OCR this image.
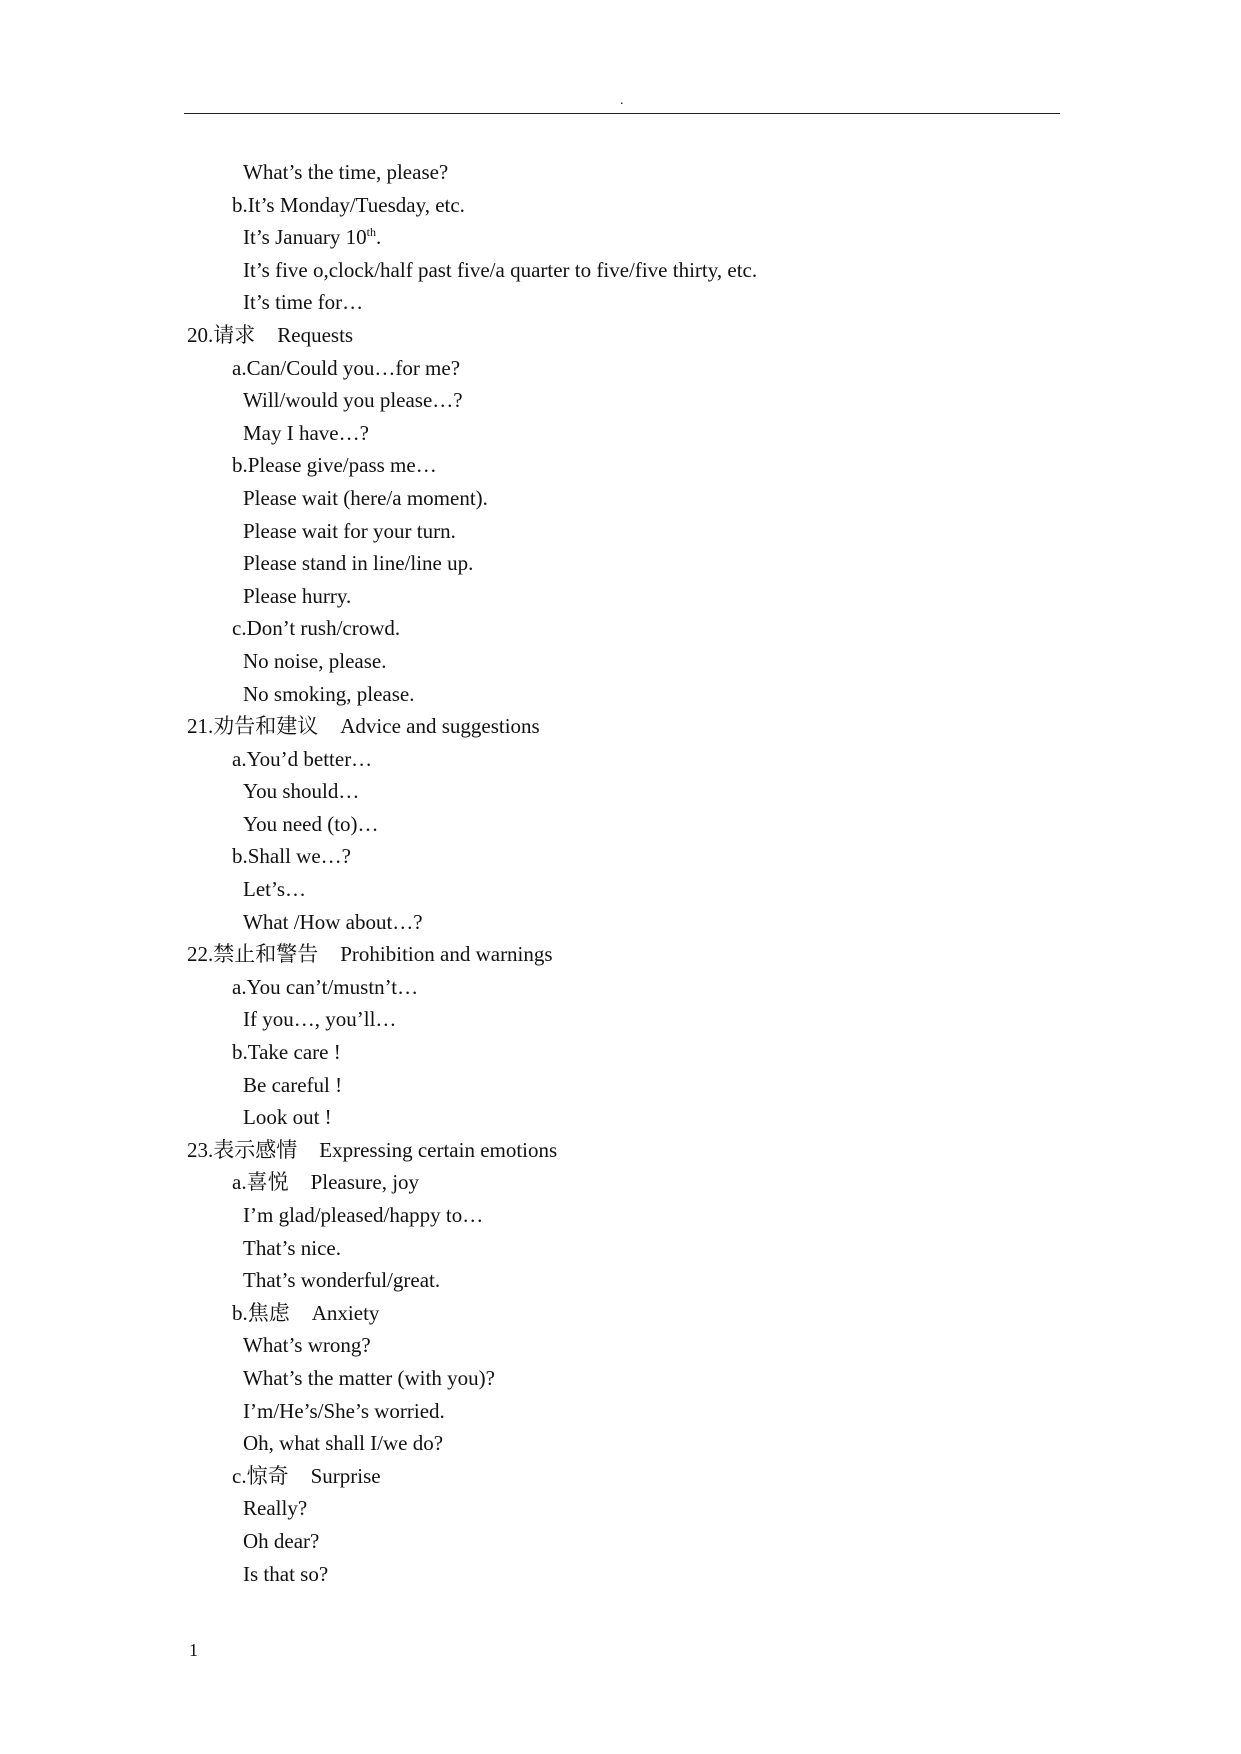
.
What’s the time, please?
b.It’s Monday/Tuesday, etc.
It’s January 10th.
It’s five o,clock/half past five/a quarter to five/five thirty, etc.
It’s time for…
20.请求 Requests
a.Can/Could you…for me?
Will/would you please…?
May I have…?
b.Please give/pass me…
Please wait (here/a moment).
Please wait for your turn.
Please stand in line/line up.
Please hurry.
c.Don’t rush/crowd.
No noise, please.
No smoking, please.
21.劝告和建议 Advice and suggestions
a.You’d better…
You should…
You need (to)…
b.Shall we…?
Let’s…
What /How about…?
22.禁止和警告 Prohibition and warnings
a.You can’t/mustn’t…
If you…, you’ll…
b.Take care !
Be careful !
Look out !
23.表示感情 Expressing certain emotions
a.喜悦 Pleasure, joy
I’m glad/pleased/happy to…
That’s nice.
That’s wonderful/great.
b.焦虑 Anxiety
What’s wrong?
What’s the matter (with you)?
I’m/He’s/She’s worried.
Oh, what shall I/we do?
c.惊奇 Surprise
Really?
Oh dear?
Is that so?
1
